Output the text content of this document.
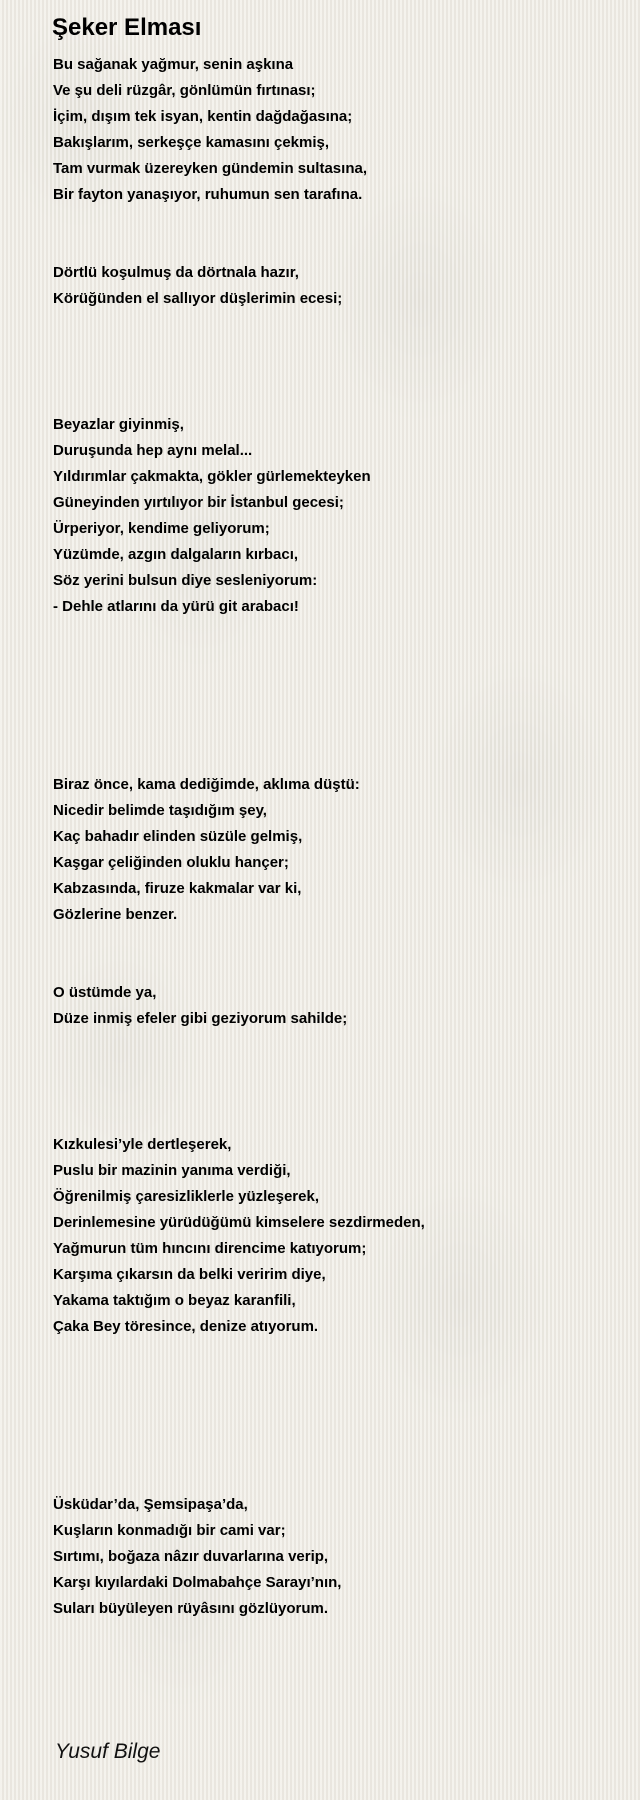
Şeker Elması
Bu sağanak yağmur, senin aşkına
Ve şu deli rüzgâr, gönlümün fırtınası;
İçim, dışım tek isyan, kentin dağdağasına;
Bakışlarım, serkeşçe kamasını çekmiş,
Tam vurmak üzereyken gündemin sultasına,
Bir fayton yanaşıyor, ruhumun sen tarafına.
Dörtlü koşulmuş da dörtnala hazır,
Körüğünden el sallıyor düşlerimin ecesi;
Beyazlar giyinmiş,
Duruşunda hep aynı melal...
Yıldırımlar çakmakta, gökler gürlemekteyken
Güneyinden yırtılıyor bir İstanbul gecesi;
Ürperiyor, kendime geliyorum;
Yüzümde, azgın dalgaların kırbacı,
Söz yerini bulsun diye sesleniyorum:
- Dehle atlarını da yürü git arabacı!
Biraz önce, kama dediğimde, aklıma düştü:
Nicedir belimde taşıdığım şey,
Kaç bahadır elinden süzüle gelmiş,
Kaşgar çeliğinden oluklu hançer;
Kabzasında, firuze kakmalar var ki,
Gözlerine benzer.
O üstümde ya,
Düze inmiş efeler gibi geziyorum sahilde;
Kızkulesi’yle dertleşerek,
Puslu bir mazinin yanıma verdiği,
Öğrenilmiş çaresizliklerle yüzleşerek,
Derinlemesine yürüdüğümü kimselere sezdirmeden,
Yağmurun tüm hıncını direncime katıyorum;
Karşıma çıkarsın da belki veririm diye,
Yakama taktığım o beyaz karanfili,
Çaka Bey töresince, denize atıyorum.
Üsküdar’da, Şemsipaşa’da,
Kuşların konmadığı bir cami var;
Sırtımı, boğaza nâzır duvarlarına verip,
Karşı kıyılardaki Dolmabahçe Sarayı’nın,
Suları büyüleyen rüyâsını gözlüyorum.

Yusuf Bilge
